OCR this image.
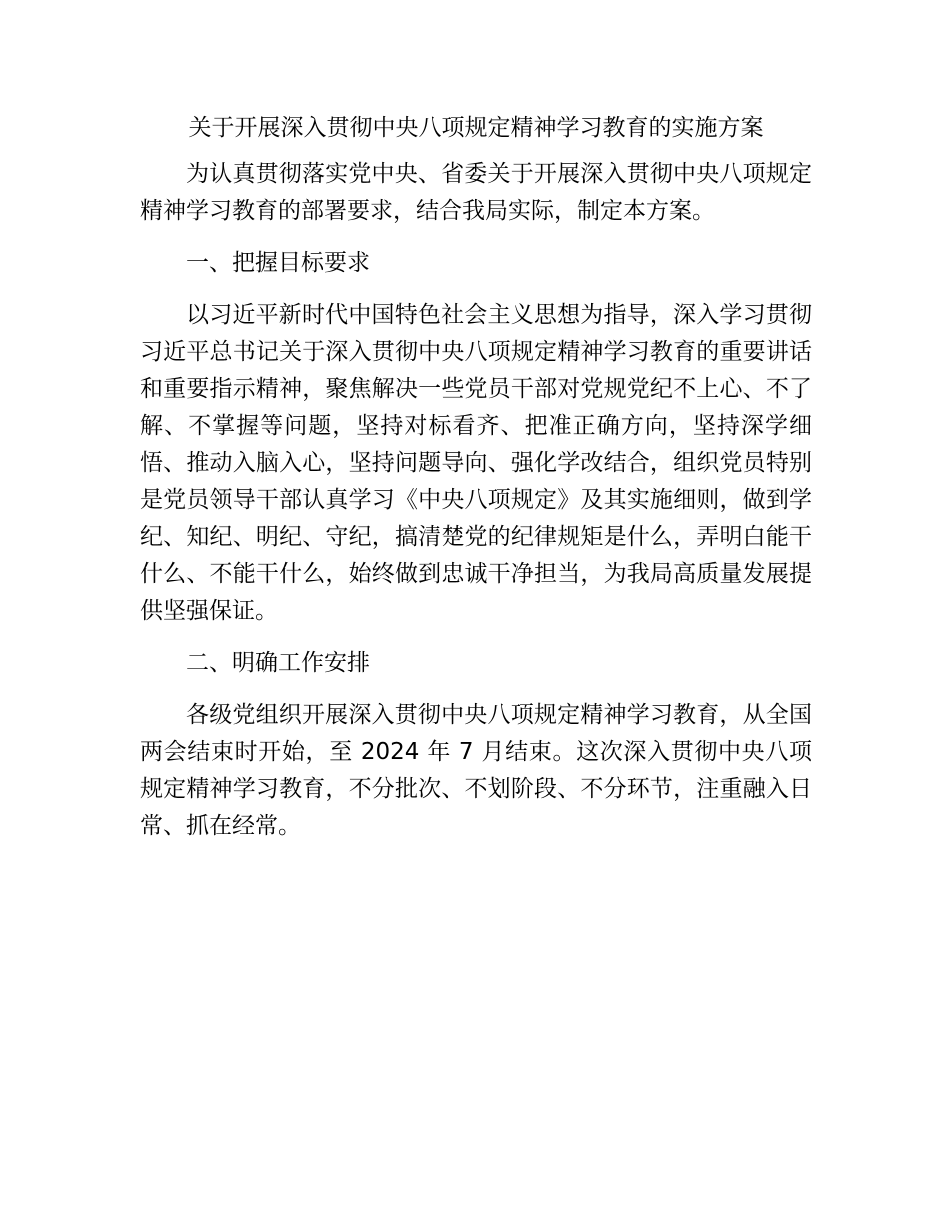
关于开展深入贯彻中央八项规定精神学习教育的实施方案

为认真贯彻落实党中央、省委关于开展深入贯彻中央八项规定精神学习教育的部署要求，结合我局实际，制定本方案。

一、把握目标要求

以习近平新时代中国特色社会主义思想为指导，深入学习贯彻习近平总书记关于深入贯彻中央八项规定精神学习教育的重要讲话和重要指示精神，聚焦解决一些党员干部对党规党纪不上心、不了解、不掌握等问题，坚持对标看齐、把准正确方向，坚持深学细悟、推动入脑入心，坚持问题导向、强化学改结合，组织党员特别是党员领导干部认真学习《中央八项规定》及其实施细则，做到学纪、知纪、明纪、守纪，搞清楚党的纪律规矩是什么，弄明白能干什么、不能干什么，始终做到忠诚干净担当，为我局高质量发展提供坚强保证。

二、明确工作安排

各级党组织开展深入贯彻中央八项规定精神学习教育，从全国两会结束时开始，至 2024 年 7 月结束。这次深入贯彻中央八项规定精神学习教育，不分批次、不划阶段、不分环节，注重融入日常、抓在经常。
